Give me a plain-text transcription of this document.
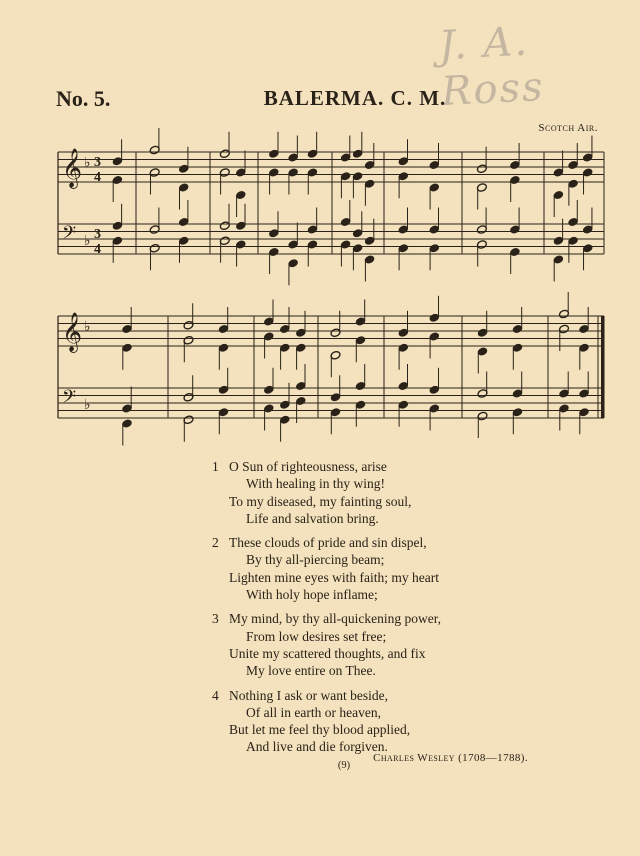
J. A. Ross
No. 5.	BALERMA. C. M.
Scotch Air.
𝄞 ♭ 3
4
𝄢 ♭ 3
4
𝄞 ♭
𝄢 ♭
1 O Sun of righteousness, arise
With healing in thy wing!
To my diseased, my fainting soul,
Life and salvation bring.
2 These clouds of pride and sin dispel,
By thy all-piercing beam;
Lighten mine eyes with faith; my heart
With holy hope inflame;
3 My mind, by thy all-quickening power,
From low desires set free;
Unite my scattered thoughts, and fix
My love entire on Thee.
4 Nothing I ask or want beside,
Of all in earth or heaven,
But let me feel thy blood applied,
And live and die forgiven.
Charles Wesley (1708—1788).
(9)
